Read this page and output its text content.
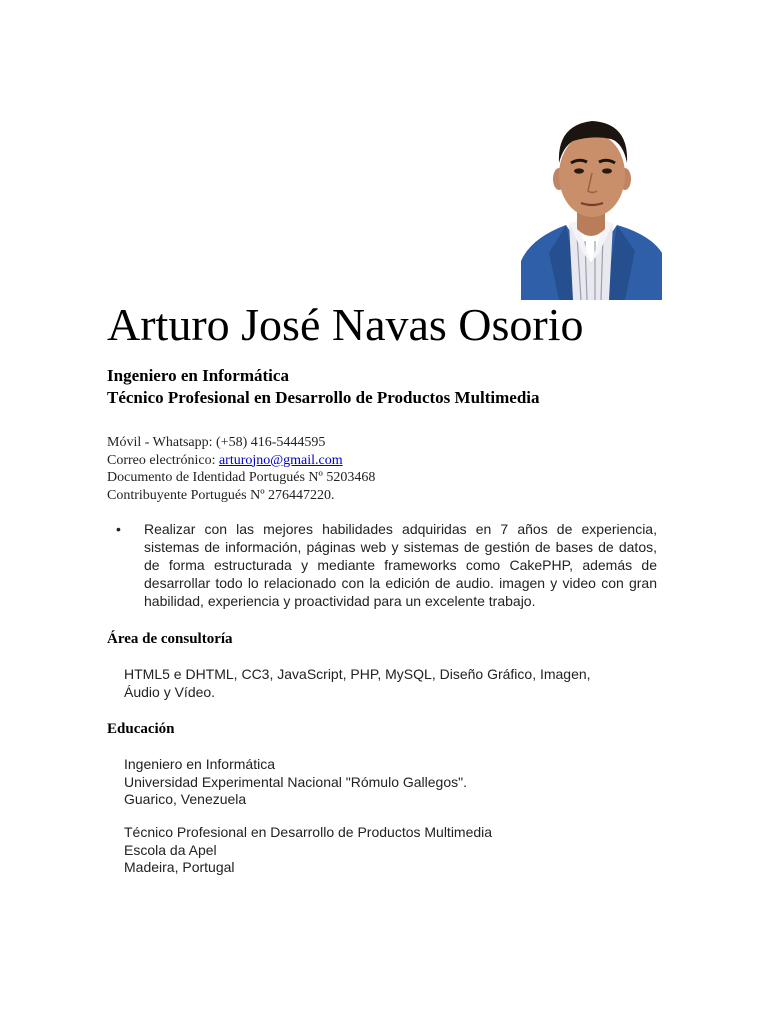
Arturo José Navas Osorio
Ingeniero en Informática
Técnico Profesional en Desarrollo de Productos Multimedia
Móvil - Whatsapp: (+58) 416-5444595
Correo electrónico: arturojno@gmail.com
Documento de Identidad Portugués Nº 5203468
Contribuyente Portugués Nº 276447220.
• Realizar con las mejores habilidades adquiridas en 7 años de experiencia, sistemas de información, páginas web y sistemas de gestión de bases de datos, de forma estructurada y mediante frameworks como CakePHP, además de desarrollar todo lo relacionado con la edición de audio. imagen y video con gran habilidad, experiencia y proactividad para un excelente trabajo.
Área de consultoría
HTML5 e DHTML, CC3, JavaScript, PHP, MySQL, Diseño Gráfico, Imagen,
Áudio y Vídeo.
Educación
Ingeniero en Informática
Universidad Experimental Nacional "Rómulo Gallegos".
Guarico, Venezuela
Técnico Profesional en Desarrollo de Productos Multimedia
Escola da Apel
Madeira, Portugal
